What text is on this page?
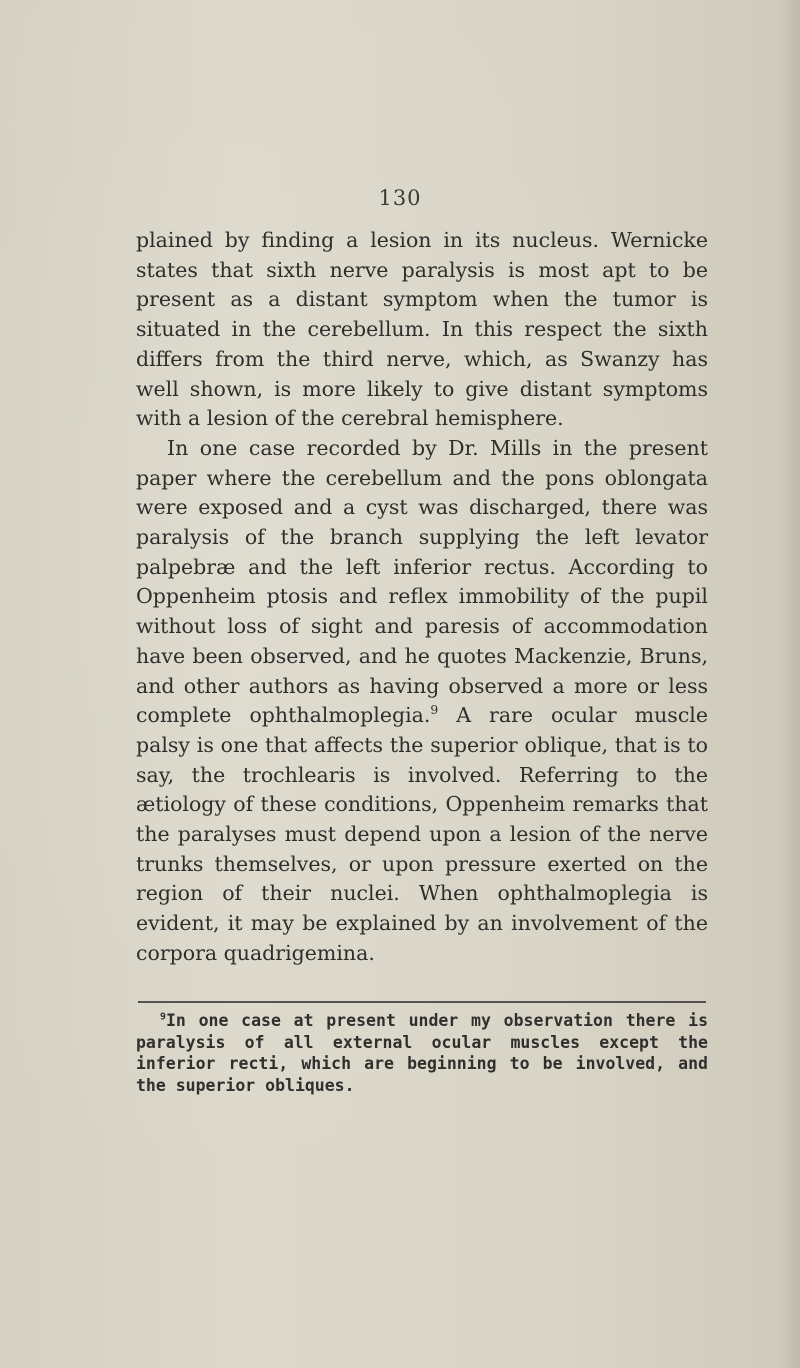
130

plained by finding a lesion in its nucleus. Wernicke states that sixth nerve paralysis is most apt to be present as a distant symptom when the tumor is situated in the cerebellum. In this respect the sixth differs from the third nerve, which, as Swanzy has well shown, is more likely to give distant symptoms with a lesion of the cerebral hemisphere.

In one case recorded by Dr. Mills in the present paper where the cerebellum and the pons oblongata were exposed and a cyst was discharged, there was paralysis of the branch supplying the left levator palpebræ and the left inferior rectus. According to Oppenheim ptosis and reflex immobility of the pupil without loss of sight and paresis of accommodation have been observed, and he quotes Mackenzie, Bruns, and other authors as having observed a more or less complete ophthalmoplegia.$^9$ A rare ocular muscle palsy is one that affects the superior oblique, that is to say, the trochlearis is involved. Referring to the ætiology of these conditions, Oppenheim remarks that the paralyses must depend upon a lesion of the nerve trunks themselves, or upon pressure exerted on the region of their nuclei. When ophthalmoplegia is evident, it may be explained by an involvement of the corpora quadrigemina.

$^9$In one case at present under my observation there is paralysis of all external ocular muscles except the inferior recti, which are beginning to be involved, and the superior obliques.
